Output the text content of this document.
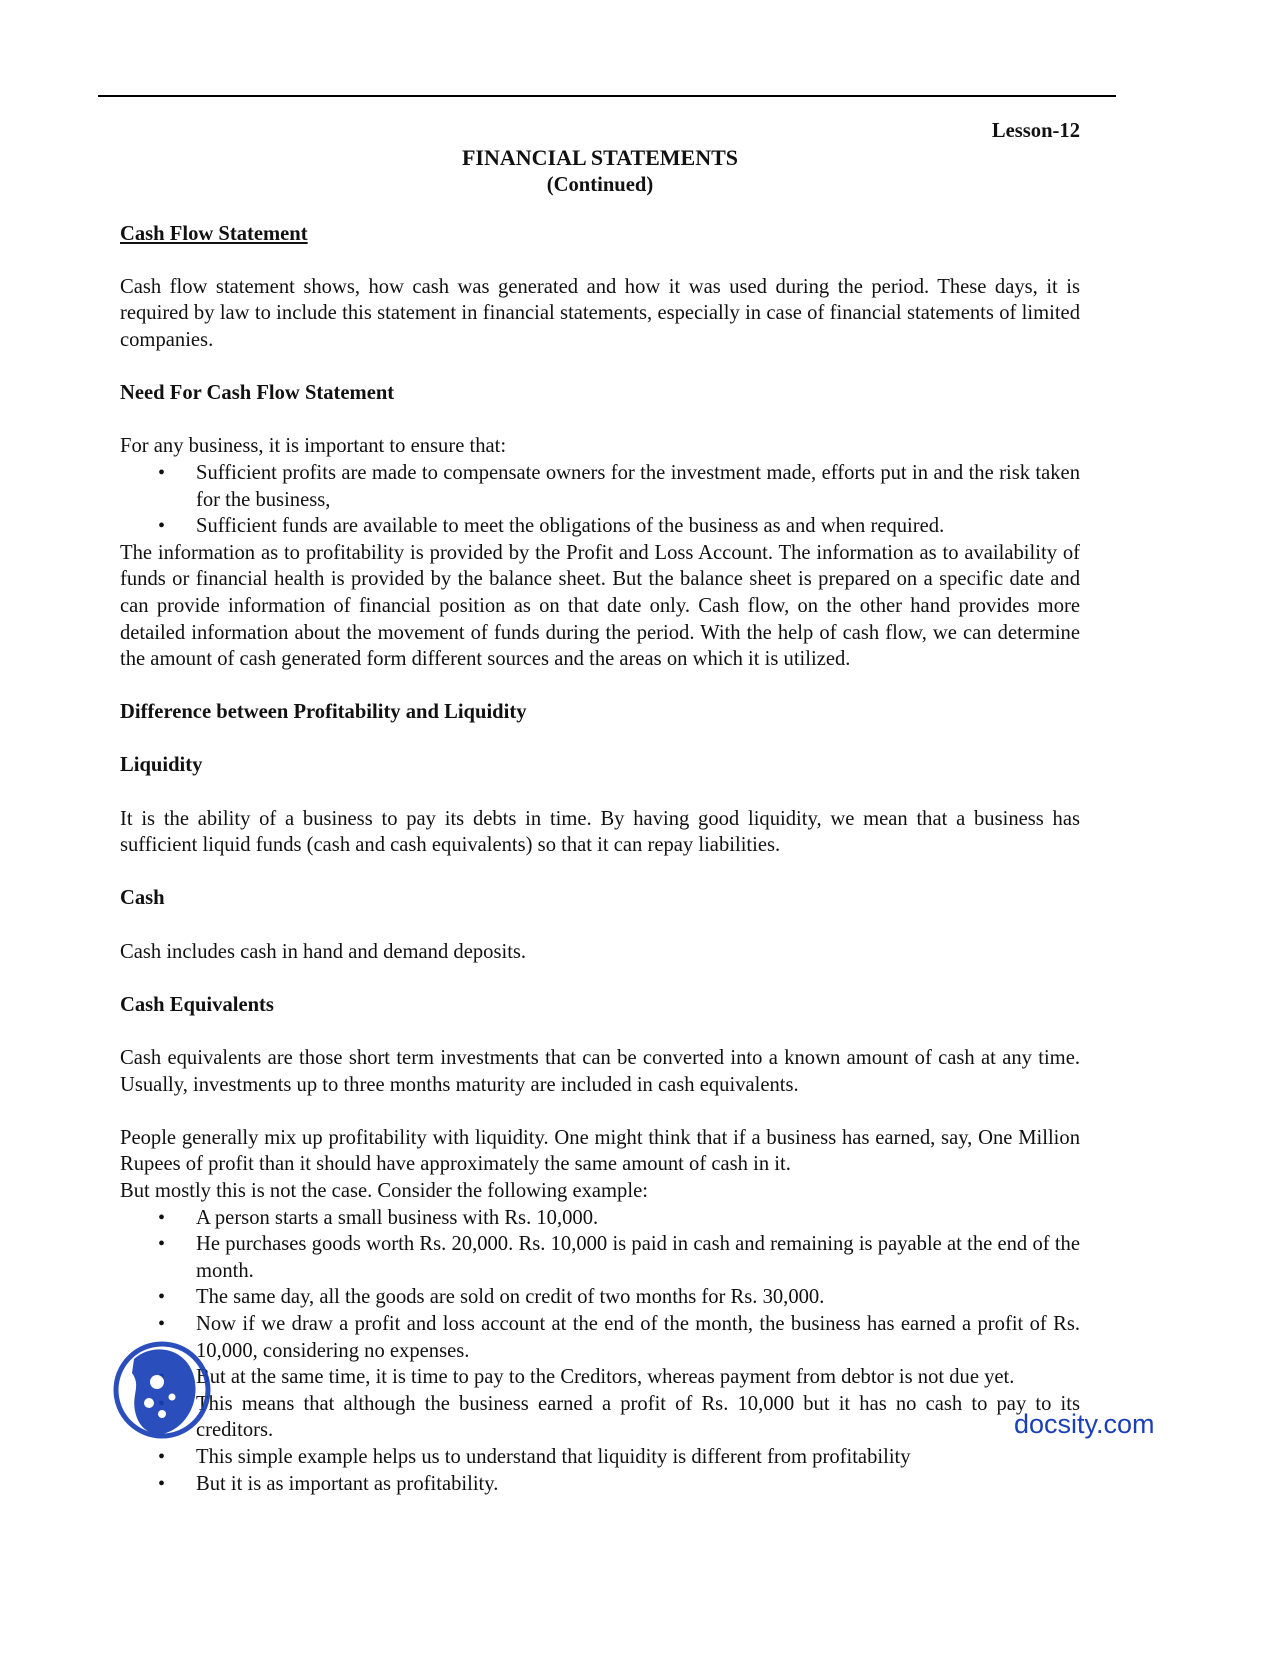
Lesson-12

FINANCIAL STATEMENTS

(Continued)

Cash Flow Statement

Cash flow statement shows, how cash was generated and how it was used during the period. These days, it is required by law to include this statement in financial statements, especially in case of financial statements of limited companies.

Need For Cash Flow Statement

For any business, it is important to ensure that:

• Sufficient profits are made to compensate owners for the investment made, efforts put in and the risk taken for the business,
• Sufficient funds are available to meet the obligations of the business as and when required.

The information as to profitability is provided by the Profit and Loss Account. The information as to availability of funds or financial health is provided by the balance sheet. But the balance sheet is prepared on a specific date and can provide information of financial position as on that date only. Cash flow, on the other hand provides more detailed information about the movement of funds during the period. With the help of cash flow, we can determine the amount of cash generated form different sources and the areas on which it is utilized.

Difference between Profitability and Liquidity

Liquidity

It is the ability of a business to pay its debts in time. By having good liquidity, we mean that a business has sufficient liquid funds (cash and cash equivalents) so that it can repay liabilities.

Cash

Cash includes cash in hand and demand deposits.

Cash Equivalents

Cash equivalents are those short term investments that can be converted into a known amount of cash at any time. Usually, investments up to three months maturity are included in cash equivalents.

People generally mix up profitability with liquidity. One might think that if a business has earned, say, One Million Rupees of profit than it should have approximately the same amount of cash in it.

But mostly this is not the case. Consider the following example:

• A person starts a small business with Rs. 10,000.
• He purchases goods worth Rs. 20,000. Rs. 10,000 is paid in cash and remaining is payable at the end of the month.
• The same day, all the goods are sold on credit of two months for Rs. 30,000.
• Now if we draw a profit and loss account at the end of the month, the business has earned a profit of Rs. 10,000, considering no expenses.
But at the same time, it is time to pay to the Creditors, whereas payment from debtor is not due yet.
This means that although the business earned a profit of Rs. 10,000 but it has no cash to pay to its creditors.
• This simple example helps us to understand that liquidity is different from profitability
• But it is as important as profitability.
docsity.com
